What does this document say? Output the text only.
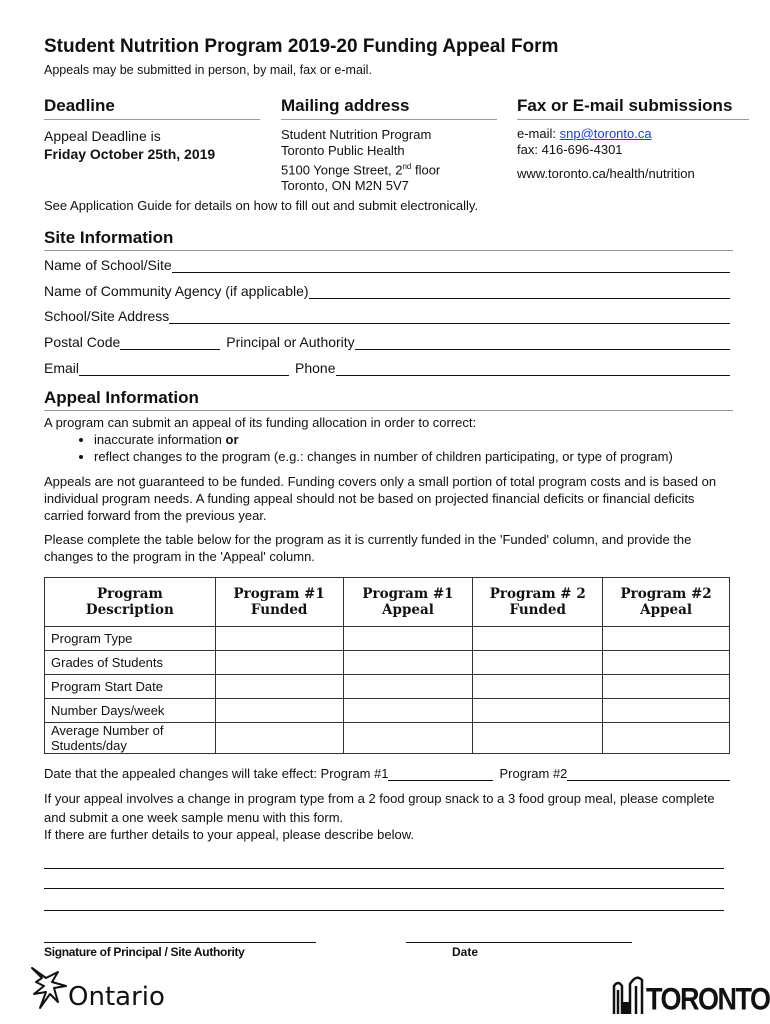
Student Nutrition Program 2019-20 Funding Appeal Form
Appeals may be submitted in person, by mail, fax or e-mail.
Deadline
Appeal Deadline is
Friday October 25th, 2019
Mailing address
Student Nutrition Program
Toronto Public Health
5100 Yonge Street, 2nd floor
Toronto, ON M2N 5V7
Fax or E-mail submissions
e-mail: snp@toronto.ca
fax: 416-696-4301
www.toronto.ca/health/nutrition
See Application Guide for details on how to fill out and submit electronically.
Site Information
Name of School/Site
Name of Community Agency (if applicable)
School/Site Address
Postal Code	Principal or Authority
Email	Phone
Appeal Information
A program can submit an appeal of its funding allocation in order to correct:
• inaccurate information or
• reflect changes to the program (e.g.: changes in number of children participating, or type of program)
Appeals are not guaranteed to be funded. Funding covers only a small portion of total program costs and is based on individual program needs. A funding appeal should not be based on projected financial deficits or financial deficits carried forward from the previous year.
Please complete the table below for the program as it is currently funded in the 'Funded' column, and provide the changes to the program in the 'Appeal' column.
Program Description	Program #1 Funded	Program #1 Appeal	Program # 2 Funded	Program #2 Appeal
Program Type				
Grades of Students				
Program Start Date				
Number Days/week				
Average Number of Students/day				
Date that the appealed changes will take effect: Program #1	Program #2
If your appeal involves a change in program type from a 2 food group snack to a 3 food group meal, please complete and submit a one week sample menu with this form.
If there are further details to your appeal, please describe below.
Signature of Principal / Site Authority	Date
Ontario	TORONTO
